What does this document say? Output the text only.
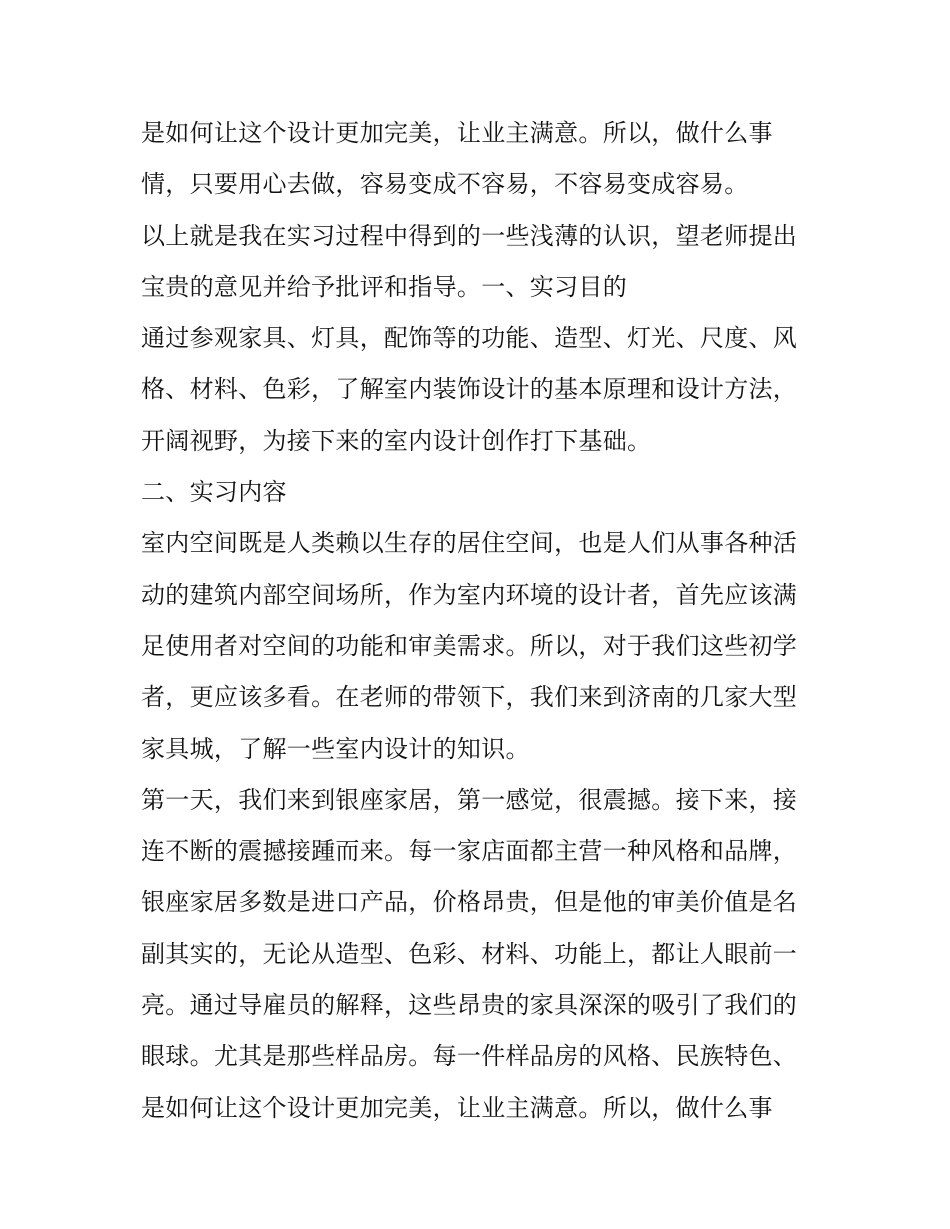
是如何让这个设计更加完美，让业主满意。所以，做什么事
情，只要用心去做，容易变成不容易，不容易变成容易。
以上就是我在实习过程中得到的一些浅薄的认识，望老师提出
宝贵的意见并给予批评和指导。一、实习目的
通过参观家具、灯具，配饰等的功能、造型、灯光、尺度、风
格、材料、色彩，了解室内装饰设计的基本原理和设计方法，
开阔视野，为接下来的室内设计创作打下基础。
二、实习内容
室内空间既是人类赖以生存的居住空间，也是人们从事各种活
动的建筑内部空间场所，作为室内环境的设计者，首先应该满
足使用者对空间的功能和审美需求。所以，对于我们这些初学
者，更应该多看。在老师的带领下，我们来到济南的几家大型
家具城，了解一些室内设计的知识。
第一天，我们来到银座家居，第一感觉，很震撼。接下来，接
连不断的震撼接踵而来。每一家店面都主营一种风格和品牌，
银座家居多数是进口产品，价格昂贵，但是他的审美价值是名
副其实的，无论从造型、色彩、材料、功能上，都让人眼前一
亮。通过导雇员的解释，这些昂贵的家具深深的吸引了我们的
眼球。尤其是那些样品房。每一件样品房的风格、民族特色、
是如何让这个设计更加完美，让业主满意。所以，做什么事
